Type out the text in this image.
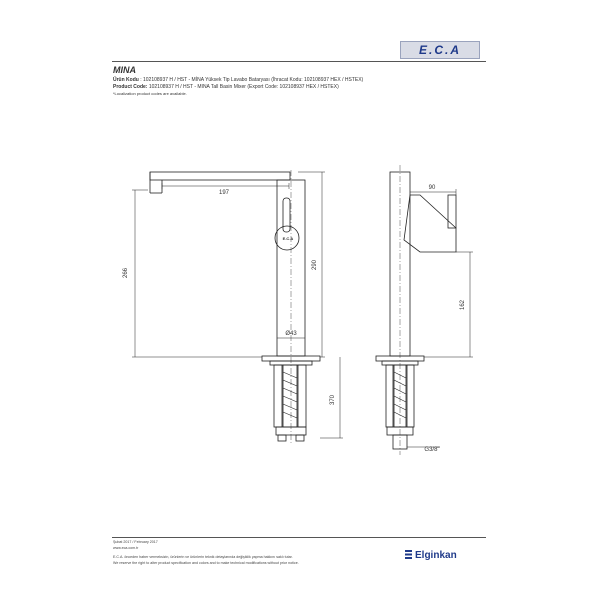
E.C.A
MINA
Ürün Kodu : 102108937 H / HST - MİNA Yüksek Tip Lavabo Bataryası (İhracat Kodu: 102108937 HEX / HSTEX)
Product Code: 102108937 H / HST - MINA Tall Basin Mixer (Export Code: 102108937 HEX / HSTEX)
*Localization product codes are available.
197
Ø43
266
290
370
E.C.A
90
162
G3/8"
Şubat 2017 / February 2017
www.eca.com.tr
E.C.A. önceden haber vermeksizin, ürünlerin ve ürünlerin teknik detaylarında değişiklik yapma hakkını saklı tutar.
We reserve the right to alter product specification and colors and to make technical modifications without prior notice.
Elginkan
